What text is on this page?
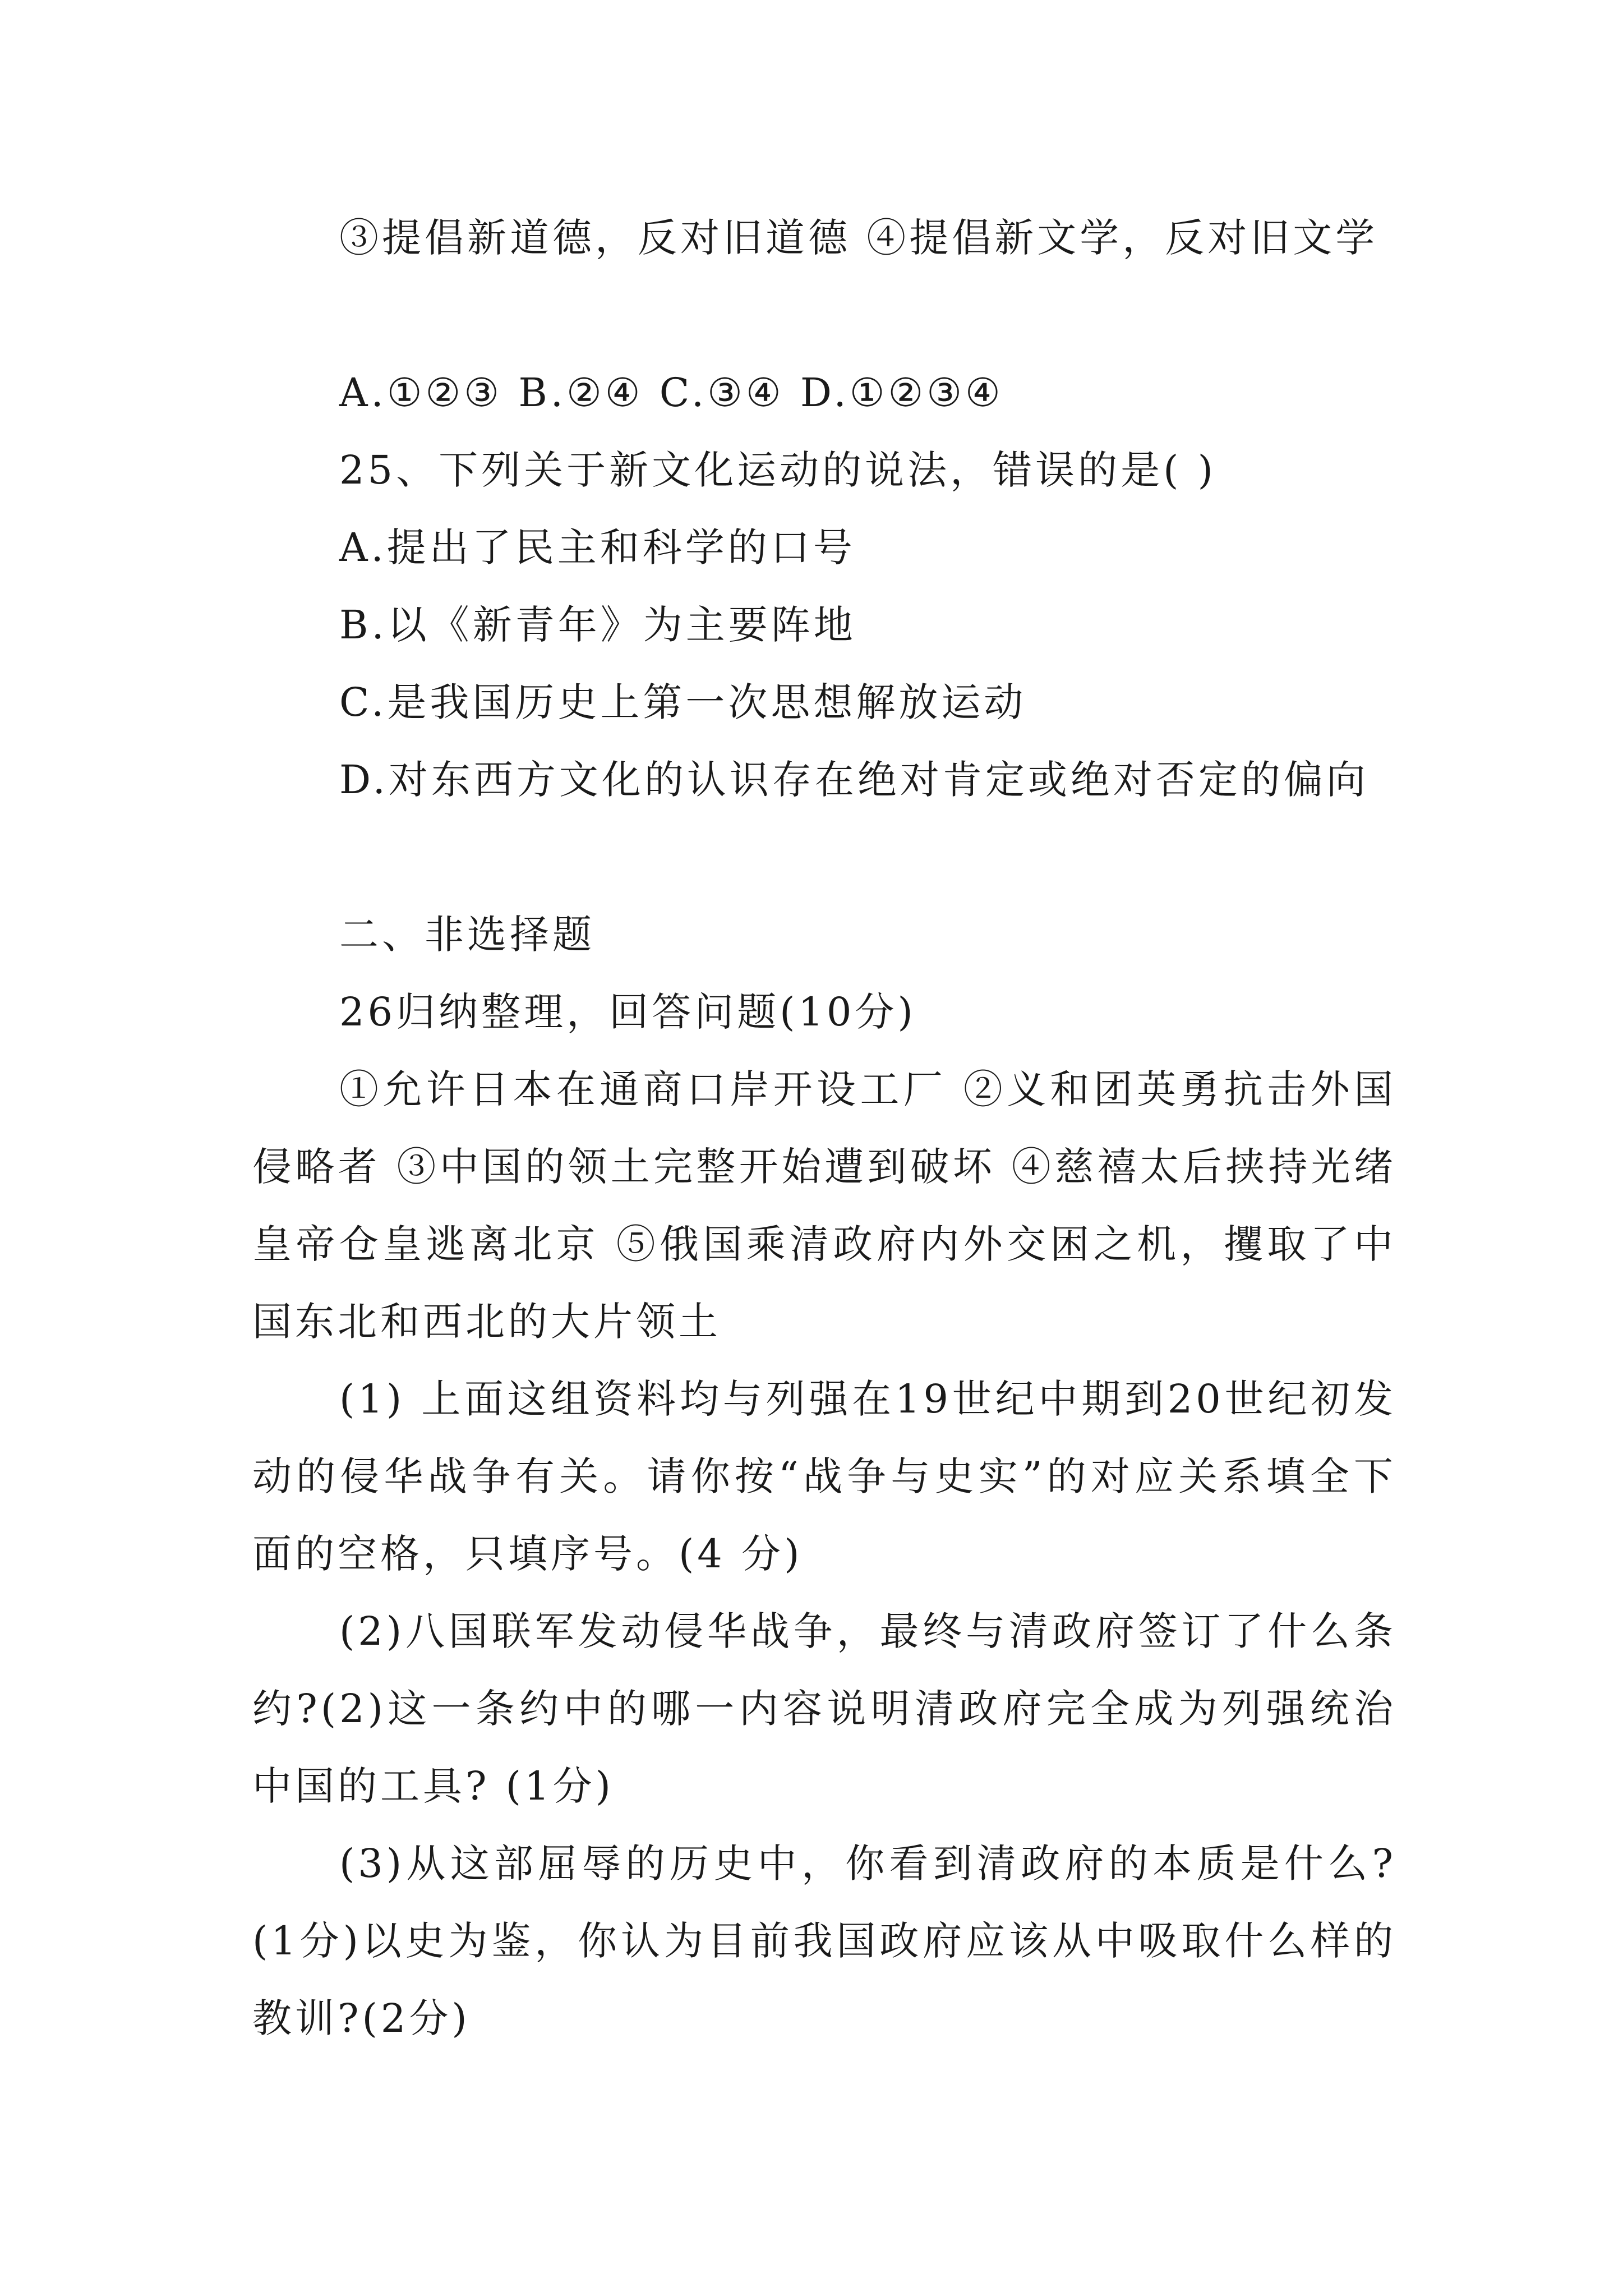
③提倡新道德，反对旧道德 ④提倡新文学，反对旧文学

A.①②③ B.②④ C.③④ D.①②③④

25、下列关于新文化运动的说法，错误的是( )

A.提出了民主和科学的口号

B.以《新青年》为主要阵地

C.是我国历史上第一次思想解放运动

D.对东西方文化的认识存在绝对肯定或绝对否定的偏向

二、非选择题

26归纳整理，回答问题(10分)

①允许日本在通商口岸开设工厂 ②义和团英勇抗击外国侵略者 ③中国的领土完整开始遭到破坏 ④慈禧太后挟持光绪皇帝仓皇逃离北京 ⑤俄国乘清政府内外交困之机，攫取了中国东北和西北的大片领土

(1) 上面这组资料均与列强在19世纪中期到20世纪初发动的侵华战争有关。请你按“战争与史实”的对应关系填全下面的空格，只填序号。(4 分)

(2)八国联军发动侵华战争，最终与清政府签订了什么条约?(2)这一条约中的哪一内容说明清政府完全成为列强统治中国的工具? (1分)

(3)从这部屈辱的历史中，你看到清政府的本质是什么?(1分)以史为鉴，你认为目前我国政府应该从中吸取什么样的教训?(2分)
